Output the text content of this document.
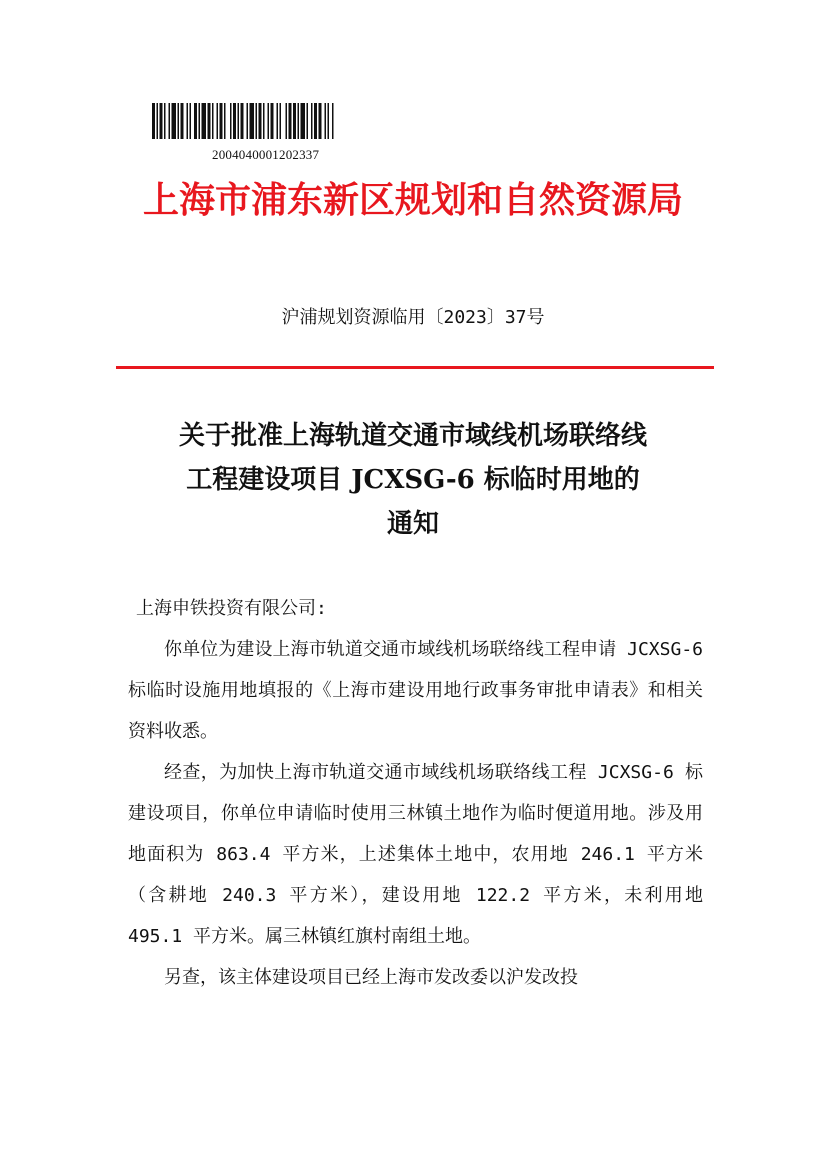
2004040001202337
上海市浦东新区规划和自然资源局
沪浦规划资源临用〔2023〕37号
关于批准上海轨道交通市域线机场联络线
工程建设项目 JCXSG-6 标临时用地的
通知

上海申铁投资有限公司:

你单位为建设上海市轨道交通市域线机场联络线工程申请 JCXSG-6 标临时设施用地填报的《上海市建设用地行政事务审批申请表》和相关资料收悉。

经查，为加快上海市轨道交通市域线机场联络线工程 JCXSG-6 标建设项目，你单位申请临时使用三林镇土地作为临时便道用地。涉及用地面积为 863.4 平方米，上述集体土地中，农用地 246.1 平方米（含耕地 240.3 平方米），建设用地 122.2 平方米，未利用地 495.1 平方米。属三林镇红旗村南组土地。

另查，该主体建设项目已经上海市发改委以沪发改投
